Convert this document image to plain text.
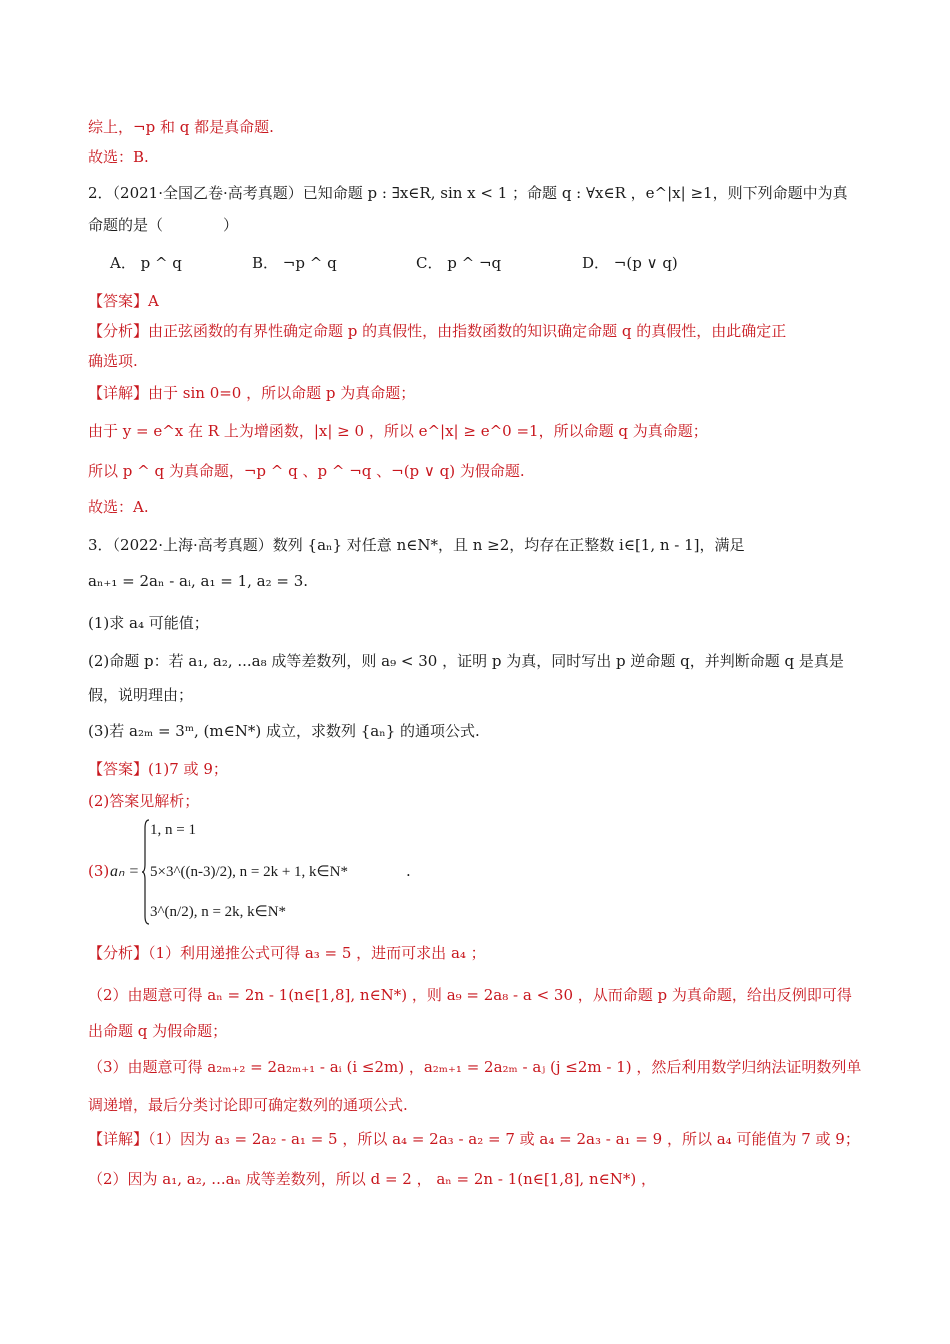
综上，¬p 和 q 都是真命题.
故选：B.
2．（2021·全国乙卷·高考真题）已知命题 p : ∃x∈R, sin x < 1 ；命题 q : ∀x∈R ，e^|x| ≥1，则下列命题中为真
命题的是（　　　　）
A． p ^ q	B． ¬p ^ q	C． p ^ ¬q	D． ¬(p ∨ q)
【答案】A
【分析】由正弦函数的有界性确定命题 p 的真假性，由指数函数的知识确定命题 q 的真假性，由此确定正
确选项.
【详解】由于 sin 0=0 ，所以命题 p 为真命题；
由于 y = e^x 在 R 上为增函数，|x| ≥ 0 ，所以 e^|x| ≥ e^0 =1，所以命题 q 为真命题；
所以 p ^ q 为真命题，¬p ^ q 、p ^ ¬q 、¬(p ∨ q) 为假命题.
故选：A.
3．（2022·上海·高考真题）数列 {aₙ} 对任意 n∈N*，且 n ≥2，均存在正整数 i∈[1, n - 1]，满足
aₙ₊₁ = 2aₙ - aᵢ, a₁ = 1, a₂ = 3.
(1)求 a₄ 可能值；
(2)命题 p：若 a₁, a₂, ...a₈ 成等差数列，则 a₉ < 30 ，证明 p 为真，同时写出 p 逆命题 q，并判断命题 q 是真是
假，说明理由；
(3)若 a₂ₘ = 3ᵐ, (m∈N*) 成立，求数列 {aₙ} 的通项公式.
【答案】(1)7 或 9；
(2)答案见解析；
(3) aₙ =
1, n = 1
5×3^((n-3)/2), n = 2k + 1, k∈N*
3^(n/2), n = 2k, k∈N*
.
【分析】（1）利用递推公式可得 a₃ = 5 ，进而可求出 a₄ ；
（2）由题意可得 aₙ = 2n - 1(n∈[1,8], n∈N*) ，则 a₉ = 2a₈ - a < 30 ，从而命题 p 为真命题，给出反例即可得
出命题 q 为假命题；
（3）由题意可得 a₂ₘ₊₂ = 2a₂ₘ₊₁ - aᵢ (i ≤2m) ，a₂ₘ₊₁ = 2a₂ₘ - aⱼ (j ≤2m - 1) ，然后利用数学归纳法证明数列单
调递增，最后分类讨论即可确定数列的通项公式.
【详解】（1）因为 a₃ = 2a₂ - a₁ = 5 ，所以 a₄ = 2a₃ - a₂ = 7 或 a₄ = 2a₃ - a₁ = 9 ，所以 a₄ 可能值为 7 或 9；
（2）因为 a₁, a₂, ...aₙ 成等差数列，所以 d = 2 ， aₙ = 2n - 1(n∈[1,8], n∈N*) ，
